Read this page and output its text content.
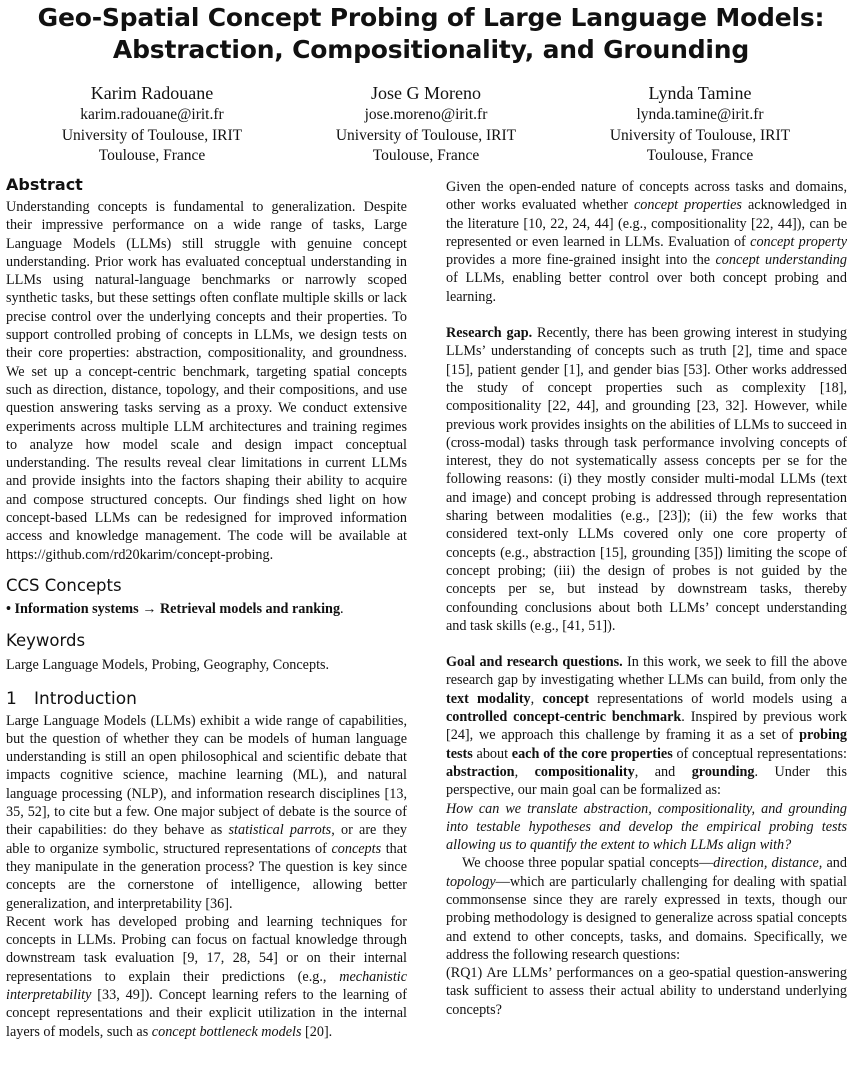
Geo-Spatial Concept Probing of Large Language Models:
Abstraction, Compositionality, and Grounding
Karim Radouane
karim.radouane@irit.fr
University of Toulouse, IRIT
Toulouse, France
Jose G Moreno
jose.moreno@irit.fr
University of Toulouse, IRIT
Toulouse, France
Lynda Tamine
lynda.tamine@irit.fr
University of Toulouse, IRIT
Toulouse, France
Abstract

Understanding concepts is fundamental to generalization. Despite their impressive performance on a wide range of tasks, Large Language Models (LLMs) still struggle with genuine concept understanding. Prior work has evaluated conceptual understanding in LLMs using natural-language benchmarks or narrowly scoped synthetic tasks, but these settings often conflate multiple skills or lack precise control over the underlying concepts and their properties. To support controlled probing of concepts in LLMs, we design tests on their core properties: abstraction, compositionality, and groundness. We set up a concept-centric benchmark, targeting spatial concepts such as direction, distance, topology, and their compositions, and use question answering tasks serving as a proxy. We conduct extensive experiments across multiple LLM architectures and training regimes to analyze how model scale and design impact conceptual understanding. The results reveal clear limitations in current LLMs and provide insights into the factors shaping their ability to acquire and compose structured concepts. Our findings shed light on how concept-based LLMs can be redesigned for improved information access and knowledge management. The code will be available at https://github.com/rd20karim/concept-probing.

CCS Concepts

• Information systems → Retrieval models and ranking.

Keywords

Large Language Models, Probing, Geography, Concepts.

1 Introduction

Large Language Models (LLMs) exhibit a wide range of capabilities, but the question of whether they can be models of human language understanding is still an open philosophical and scientific debate that impacts cognitive science, machine learning (ML), and natural language processing (NLP), and information research disciplines [13, 35, 52], to cite but a few. One major subject of debate is the source of their capabilities: do they behave as statistical parrots, or are they able to organize symbolic, structured representations of concepts that they manipulate in the generation process? The question is key since concepts are the cornerstone of intelligence, allowing better generalization, and interpretability [36].

Recent work has developed probing and learning techniques for concepts in LLMs. Probing can focus on factual knowledge through downstream task evaluation [9, 17, 28, 54] or on their internal representations to explain their predictions (e.g., mechanistic interpretability [33, 49]). Concept learning refers to the learning of concept representations and their explicit utilization in the internal layers of models, such as concept bottleneck models [20].

Given the open-ended nature of concepts across tasks and domains, other works evaluated whether concept properties acknowledged in the literature [10, 22, 24, 44] (e.g., compositionality [22, 44]), can be represented or even learned in LLMs. Evaluation of concept property provides a more fine-grained insight into the concept understanding of LLMs, enabling better control over both concept probing and learning.

Research gap. Recently, there has been growing interest in studying LLMs’ understanding of concepts such as truth [2], time and space [15], patient gender [1], and gender bias [53]. Other works addressed the study of concept properties such as complexity [18], compositionality [22, 44], and grounding [23, 32]. However, while previous work provides insights on the abilities of LLMs to succeed in (cross-modal) tasks through task performance involving concepts of interest, they do not systematically assess concepts per se for the following reasons: (i) they mostly consider multi-modal LLMs (text and image) and concept probing is addressed through representation sharing between modalities (e.g., [23]); (ii) the few works that considered text-only LLMs covered only one core property of concepts (e.g., abstraction [15], grounding [35]) limiting the scope of concept probing; (iii) the design of probes is not guided by the concepts per se, but instead by downstream tasks, thereby confounding conclusions about both LLMs’ concept understanding and task skills (e.g., [41, 51]).

Goal and research questions. In this work, we seek to fill the above research gap by investigating whether LLMs can build, from only the text modality, concept representations of world models using a controlled concept-centric benchmark. Inspired by previous work [24], we approach this challenge by framing it as a set of probing tests about each of the core properties of conceptual representations: abstraction, compositionality, and grounding. Under this perspective, our main goal can be formalized as:

How can we translate abstraction, compositionality, and grounding into testable hypotheses and develop the empirical probing tests allowing us to quantify the extent to which LLMs align with?

We choose three popular spatial concepts—direction, distance, and topology—which are particularly challenging for dealing with spatial commonsense since they are rarely expressed in texts, though our probing methodology is designed to generalize across spatial concepts and extend to other concepts, tasks, and domains. Specifically, we address the following research questions:

(RQ1) Are LLMs’ performances on a geo-spatial question-answering task sufficient to assess their actual ability to understand underlying concepts?
